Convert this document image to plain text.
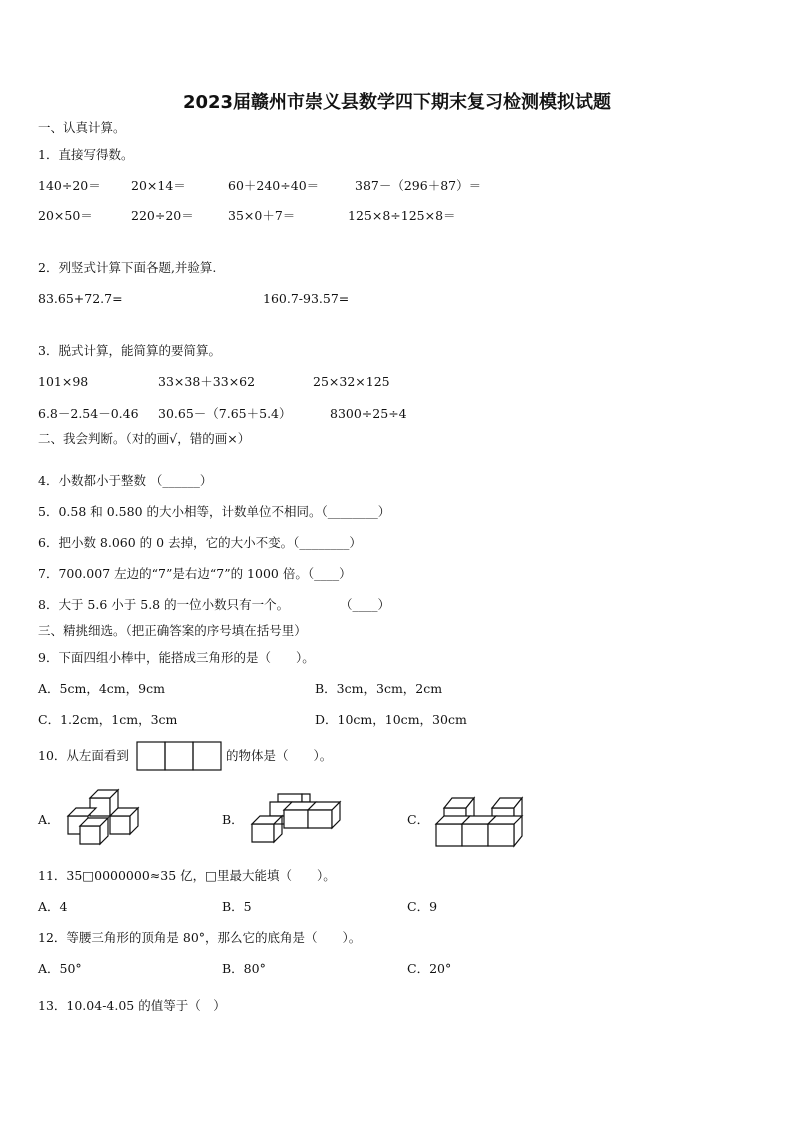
2023届赣州市崇义县数学四下期末复习检测模拟试题
一、认真计算。
1．直接写得数。
140÷20＝ 20×14＝	60＋240÷40＝	387－（296＋87）＝
20×50＝	220÷20＝	35×0＋7＝	125×8÷125×8＝
2．列竖式计算下面各题,并验算.
83.65+72.7=	160.7-93.57=
3．脱式计算，能简算的要简算。
101×98	33×38＋33×62	25×32×125
6.8－2.54－0.46 30.65－（7.65＋5.4）	8300÷25÷4
二、我会判断。（对的画√，错的画×）
4．小数都小于整数 （______）
5．0.58 和 0.580 的大小相等，计数单位不相同。（________）
6．把小数 8.060 的 0 去掉，它的大小不变。（________）
7．700.007 左边的“7”是右边“7”的 1000 倍。（____）
8．大于 5.6 小于 5.8 的一位小数只有一个。	（____）
三、精挑细选。（把正确答案的序号填在括号里）
9．下面四组小棒中，能搭成三角形的是（　　）。
A．5cm，4cm，9cm	B．3cm，3cm，2cm
C．1.2cm，1cm，3cm	D．10cm，10cm，30cm
10．从左面看到	的物体是（　　）。
A．	B．	C．
11．35□0000000≈35 亿，□里最大能填（　　）。
A．4	B．5	C．9
12．等腰三角形的顶角是 80°，那么它的底角是（　　）。
A．50°	B．80°	C．20°
13．10.04-4.05 的值等于（　）
